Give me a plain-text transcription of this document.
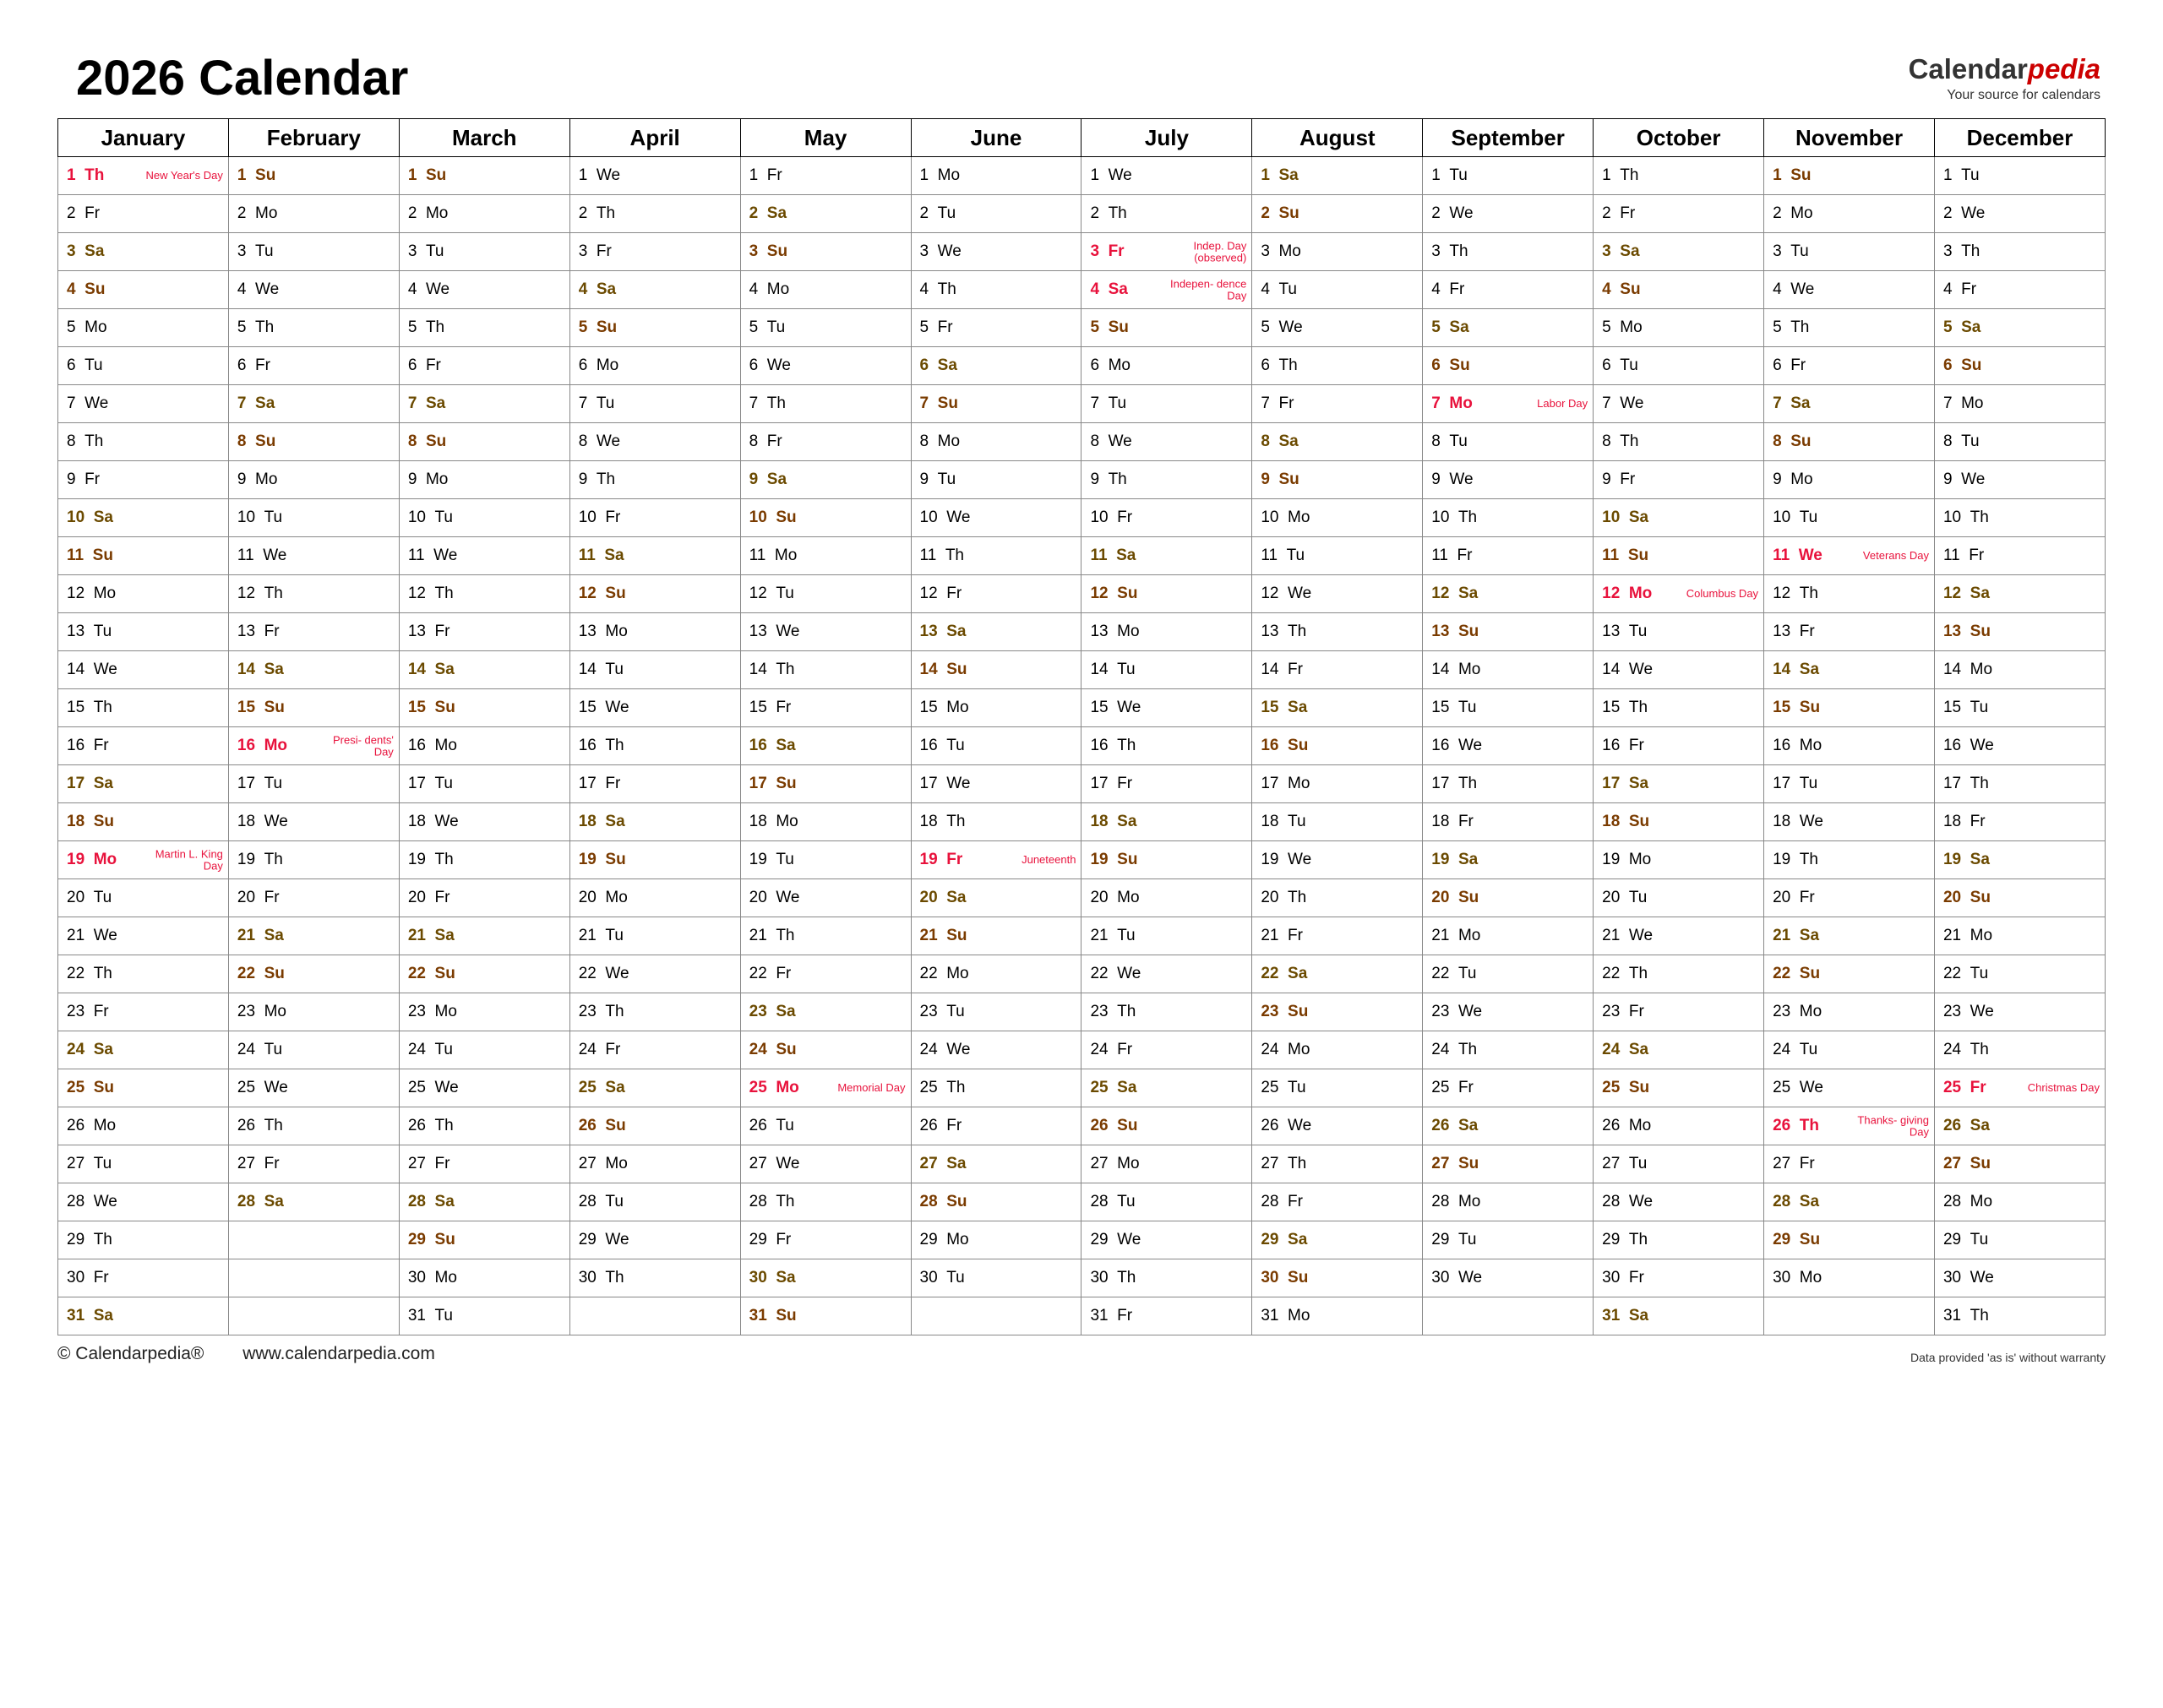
2026 Calendar	Calendarpedia
Your source for calendars
January	February	March	April	May	June	July	August	September	October	November	December
1 Th New Year's Day	1 Su	1 Su	1 We	1 Fr	1 Mo	1 We	1 Sa	1 Tu	1 Th	1 Su	1 Tu
2 Fr	2 Mo	2 Mo	2 Th	2 Sa	2 Tu	2 Th	2 Su	2 We	2 Fr	2 Mo	2 We
3 Sa	3 Tu	3 Tu	3 Fr	3 Su	3 We	3 Fr Indep. Day (observed)	3 Mo	3 Th	3 Sa	3 Tu	3 Th
4 Su	4 We	4 We	4 Sa	4 Mo	4 Th	4 Sa Indepen- dence Day	4 Tu	4 Fr	4 Su	4 We	4 Fr
5 Mo	5 Th	5 Th	5 Su	5 Tu	5 Fr	5 Su	5 We	5 Sa	5 Mo	5 Th	5 Sa
6 Tu	6 Fr	6 Fr	6 Mo	6 We	6 Sa	6 Mo	6 Th	6 Su	6 Tu	6 Fr	6 Su
7 We	7 Sa	7 Sa	7 Tu	7 Th	7 Su	7 Tu	7 Fr	7 Mo Labor Day	7 We	7 Sa	7 Mo
8 Th	8 Su	8 Su	8 We	8 Fr	8 Mo	8 We	8 Sa	8 Tu	8 Th	8 Su	8 Tu
9 Fr	9 Mo	9 Mo	9 Th	9 Sa	9 Tu	9 Th	9 Su	9 We	9 Fr	9 Mo	9 We
10 Sa	10 Tu	10 Tu	10 Fr	10 Su	10 We	10 Fr	10 Mo	10 Th	10 Sa	10 Tu	10 Th
11 Su	11 We	11 We	11 Sa	11 Mo	11 Th	11 Sa	11 Tu	11 Fr	11 Su	11 We Veterans Day	11 Fr
12 Mo	12 Th	12 Th	12 Su	12 Tu	12 Fr	12 Su	12 We	12 Sa	12 Mo Columbus Day	12 Th	12 Sa
13 Tu	13 Fr	13 Fr	13 Mo	13 We	13 Sa	13 Mo	13 Th	13 Su	13 Tu	13 Fr	13 Su
14 We	14 Sa	14 Sa	14 Tu	14 Th	14 Su	14 Tu	14 Fr	14 Mo	14 We	14 Sa	14 Mo
15 Th	15 Su	15 Su	15 We	15 Fr	15 Mo	15 We	15 Sa	15 Tu	15 Th	15 Su	15 Tu
16 Fr	16 Mo Presi- dents' Day	16 Mo	16 Th	16 Sa	16 Tu	16 Th	16 Su	16 We	16 Fr	16 Mo	16 We
17 Sa	17 Tu	17 Tu	17 Fr	17 Su	17 We	17 Fr	17 Mo	17 Th	17 Sa	17 Tu	17 Th
18 Su	18 We	18 We	18 Sa	18 Mo	18 Th	18 Sa	18 Tu	18 Fr	18 Su	18 We	18 Fr
19 Mo Martin L. King Day	19 Th	19 Th	19 Su	19 Tu	19 Fr Juneteenth	19 Su	19 We	19 Sa	19 Mo	19 Th	19 Sa
20 Tu	20 Fr	20 Fr	20 Mo	20 We	20 Sa	20 Mo	20 Th	20 Su	20 Tu	20 Fr	20 Su
21 We	21 Sa	21 Sa	21 Tu	21 Th	21 Su	21 Tu	21 Fr	21 Mo	21 We	21 Sa	21 Mo
22 Th	22 Su	22 Su	22 We	22 Fr	22 Mo	22 We	22 Sa	22 Tu	22 Th	22 Su	22 Tu
23 Fr	23 Mo	23 Mo	23 Th	23 Sa	23 Tu	23 Th	23 Su	23 We	23 Fr	23 Mo	23 We
24 Sa	24 Tu	24 Tu	24 Fr	24 Su	24 We	24 Fr	24 Mo	24 Th	24 Sa	24 Tu	24 Th
25 Su	25 We	25 We	25 Sa	25 Mo Memorial Day	25 Th	25 Sa	25 Tu	25 Fr	25 Su	25 We	25 Fr Christmas Day

26 Mo	26 Th	26 Th	26 Su	26 Tu	26 Fr	26 Su	26 We	26 Sa	26 Mo	26 Th Thanks- giving Day	26 Sa
27 Tu	27 Fr	27 Fr	27 Mo	27 We	27 Sa	27 Mo	27 Th	27 Su	27 Tu	27 Fr	27 Su
28 We	28 Sa	28 Sa	28 Tu	28 Th	28 Su	28 Tu	28 Fr	28 Mo	28 We	28 Sa	28 Mo
29 Th		29 Su	29 We	29 Fr	29 Mo	29 We	29 Sa	29 Tu	29 Th	29 Su	29 Tu
30 Fr		30 Mo	30 Th	30 Sa	30 Tu	30 Th	30 Su	30 We	30 Fr	30 Mo	30 We
31 Sa		31 Tu		31 Su		31 Fr	31 Mo		31 Sa		31 Th
© Calendarpedia® www.calendarpedia.com	Data provided 'as is' without warranty
